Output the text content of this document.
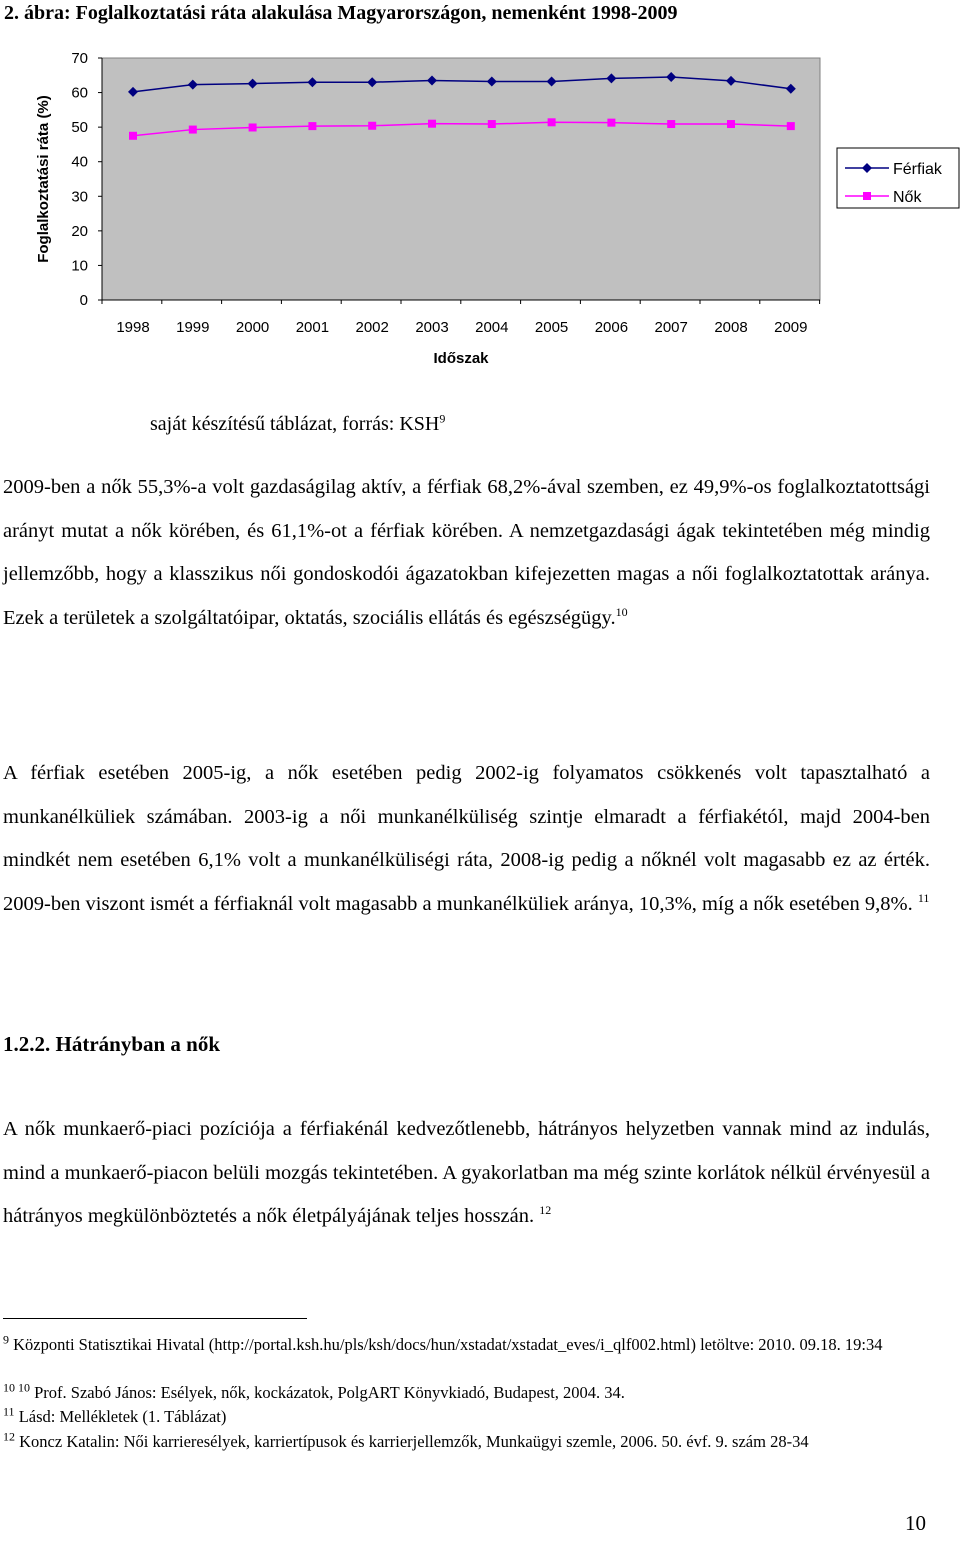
2. ábra: Foglalkoztatási ráta alakulása Magyarországon, nemenként 1998-2009
0
10
20
30
40
50
60
70
1998 1999 2000 2001 2002 2003 2004 2005 2006 2007 2008 2009
Foglalkoztatási ráta (%)
Időszak
Férfiak
Nők
saját készítésű táblázat, forrás: KSH$^9$

2009-ben a nők 55,3%-a volt gazdaságilag aktív, a férfiak 68,2%-ával szemben, ez 49,9%-os foglalkoztatottsági arányt mutat a nők körében, és 61,1%-ot a férfiak körében. A nemzetgazdasági ágak tekintetében még mindig jellemzőbb, hogy a klasszikus női gondoskodói ágazatokban kifejezetten magas a női foglalkoztatottak aránya. Ezek a területek a szolgáltatóipar, oktatás, szociális ellátás és egészségügy.$^{10}$

A férfiak esetében 2005-ig, a nők esetében pedig 2002-ig folyamatos csökkenés volt tapasztalható a munkanélküliek számában. 2003-ig a női munkanélküliség szintje elmaradt a férfiakétól, majd 2004-ben mindkét nem esetében 6,1% volt a munkanélküliségi ráta, 2008-ig pedig a nőknél volt magasabb ez az érték. 2009-ben viszont ismét a férfiaknál volt magasabb a munkanélküliek aránya, 10,3%, míg a nők esetében 9,8%. $^{11}$

1.2.2. Hátrányban a nők

A nők munkaerő-piaci pozíciója a férfiakénál kedvezőtlenebb, hátrányos helyzetben vannak mind az indulás, mind a munkaerő-piacon belüli mozgás tekintetében. A gyakorlatban ma még szinte korlátok nélkül érvényesül a hátrányos megkülönböztetés a nők életpályájának teljes hosszán. $^{12}$

$^9$ Központi Statisztikai Hivatal (http://portal.ksh.hu/pls/ksh/docs/hun/xstadat/xstadat_eves/i_qlf002.html) letöltve: 2010. 09.18. 19:34

$^{10 10}$ Prof. Szabó János: Esélyek, nők, kockázatok, PolgART Könyvkiadó, Budapest, 2004. 34.

$^{11}$ Lásd: Mellékletek (1. Táblázat)

$^{12}$ Koncz Katalin: Női karrieresélyek, karriertípusok és karrierjellemzők, Munkaügyi szemle, 2006. 50. évf. 9. szám 28-34

10
